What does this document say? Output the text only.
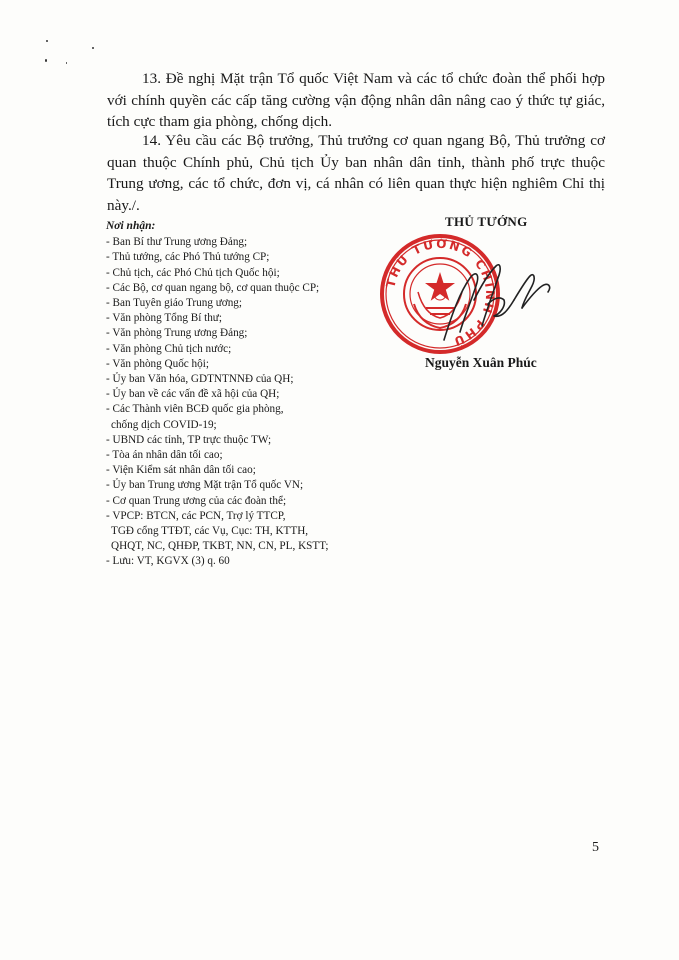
13. Đề nghị Mặt trận Tổ quốc Việt Nam và các tổ chức đoàn thể phối hợp với chính quyền các cấp tăng cường vận động nhân dân nâng cao ý thức tự giác, tích cực tham gia phòng, chống dịch.

14. Yêu cầu các Bộ trưởng, Thủ trưởng cơ quan ngang Bộ, Thủ trưởng cơ quan thuộc Chính phủ, Chủ tịch Ủy ban nhân dân tỉnh, thành phố trực thuộc Trung ương, các tổ chức, đơn vị, cá nhân có liên quan thực hiện nghiêm Chỉ thị này./.

Nơi nhận:
- Ban Bí thư Trung ương Đảng;
- Thủ tướng, các Phó Thủ tướng CP;
- Chủ tịch, các Phó Chủ tịch Quốc hội;
- Các Bộ, cơ quan ngang bộ, cơ quan thuộc CP;
- Ban Tuyên giáo Trung ương;
- Văn phòng Tổng Bí thư;
- Văn phòng Trung ương Đảng;
- Văn phòng Chủ tịch nước;
- Văn phòng Quốc hội;
- Ủy ban Văn hóa, GDTNTNNĐ của QH;
- Ủy ban về các vấn đề xã hội của QH;
- Các Thành viên BCĐ quốc gia phòng,
chống dịch COVID-19;
- UBND các tỉnh, TP trực thuộc TW;
- Tòa án nhân dân tối cao;
- Viện Kiểm sát nhân dân tối cao;
- Ủy ban Trung ương Mặt trận Tổ quốc VN;
- Cơ quan Trung ương của các đoàn thể;
- VPCP: BTCN, các PCN, Trợ lý TTCP,
TGĐ cổng TTĐT, các Vụ, Cục: TH, KTTH,
QHQT, NC, QHĐP, TKBT, NN, CN, PL, KSTT;
- Lưu: VT, KGVX (3) q. 60
THỦ TƯỚNG
THỦ TƯỚNG CHÍNH PHỦ
Nguyễn Xuân Phúc
5
